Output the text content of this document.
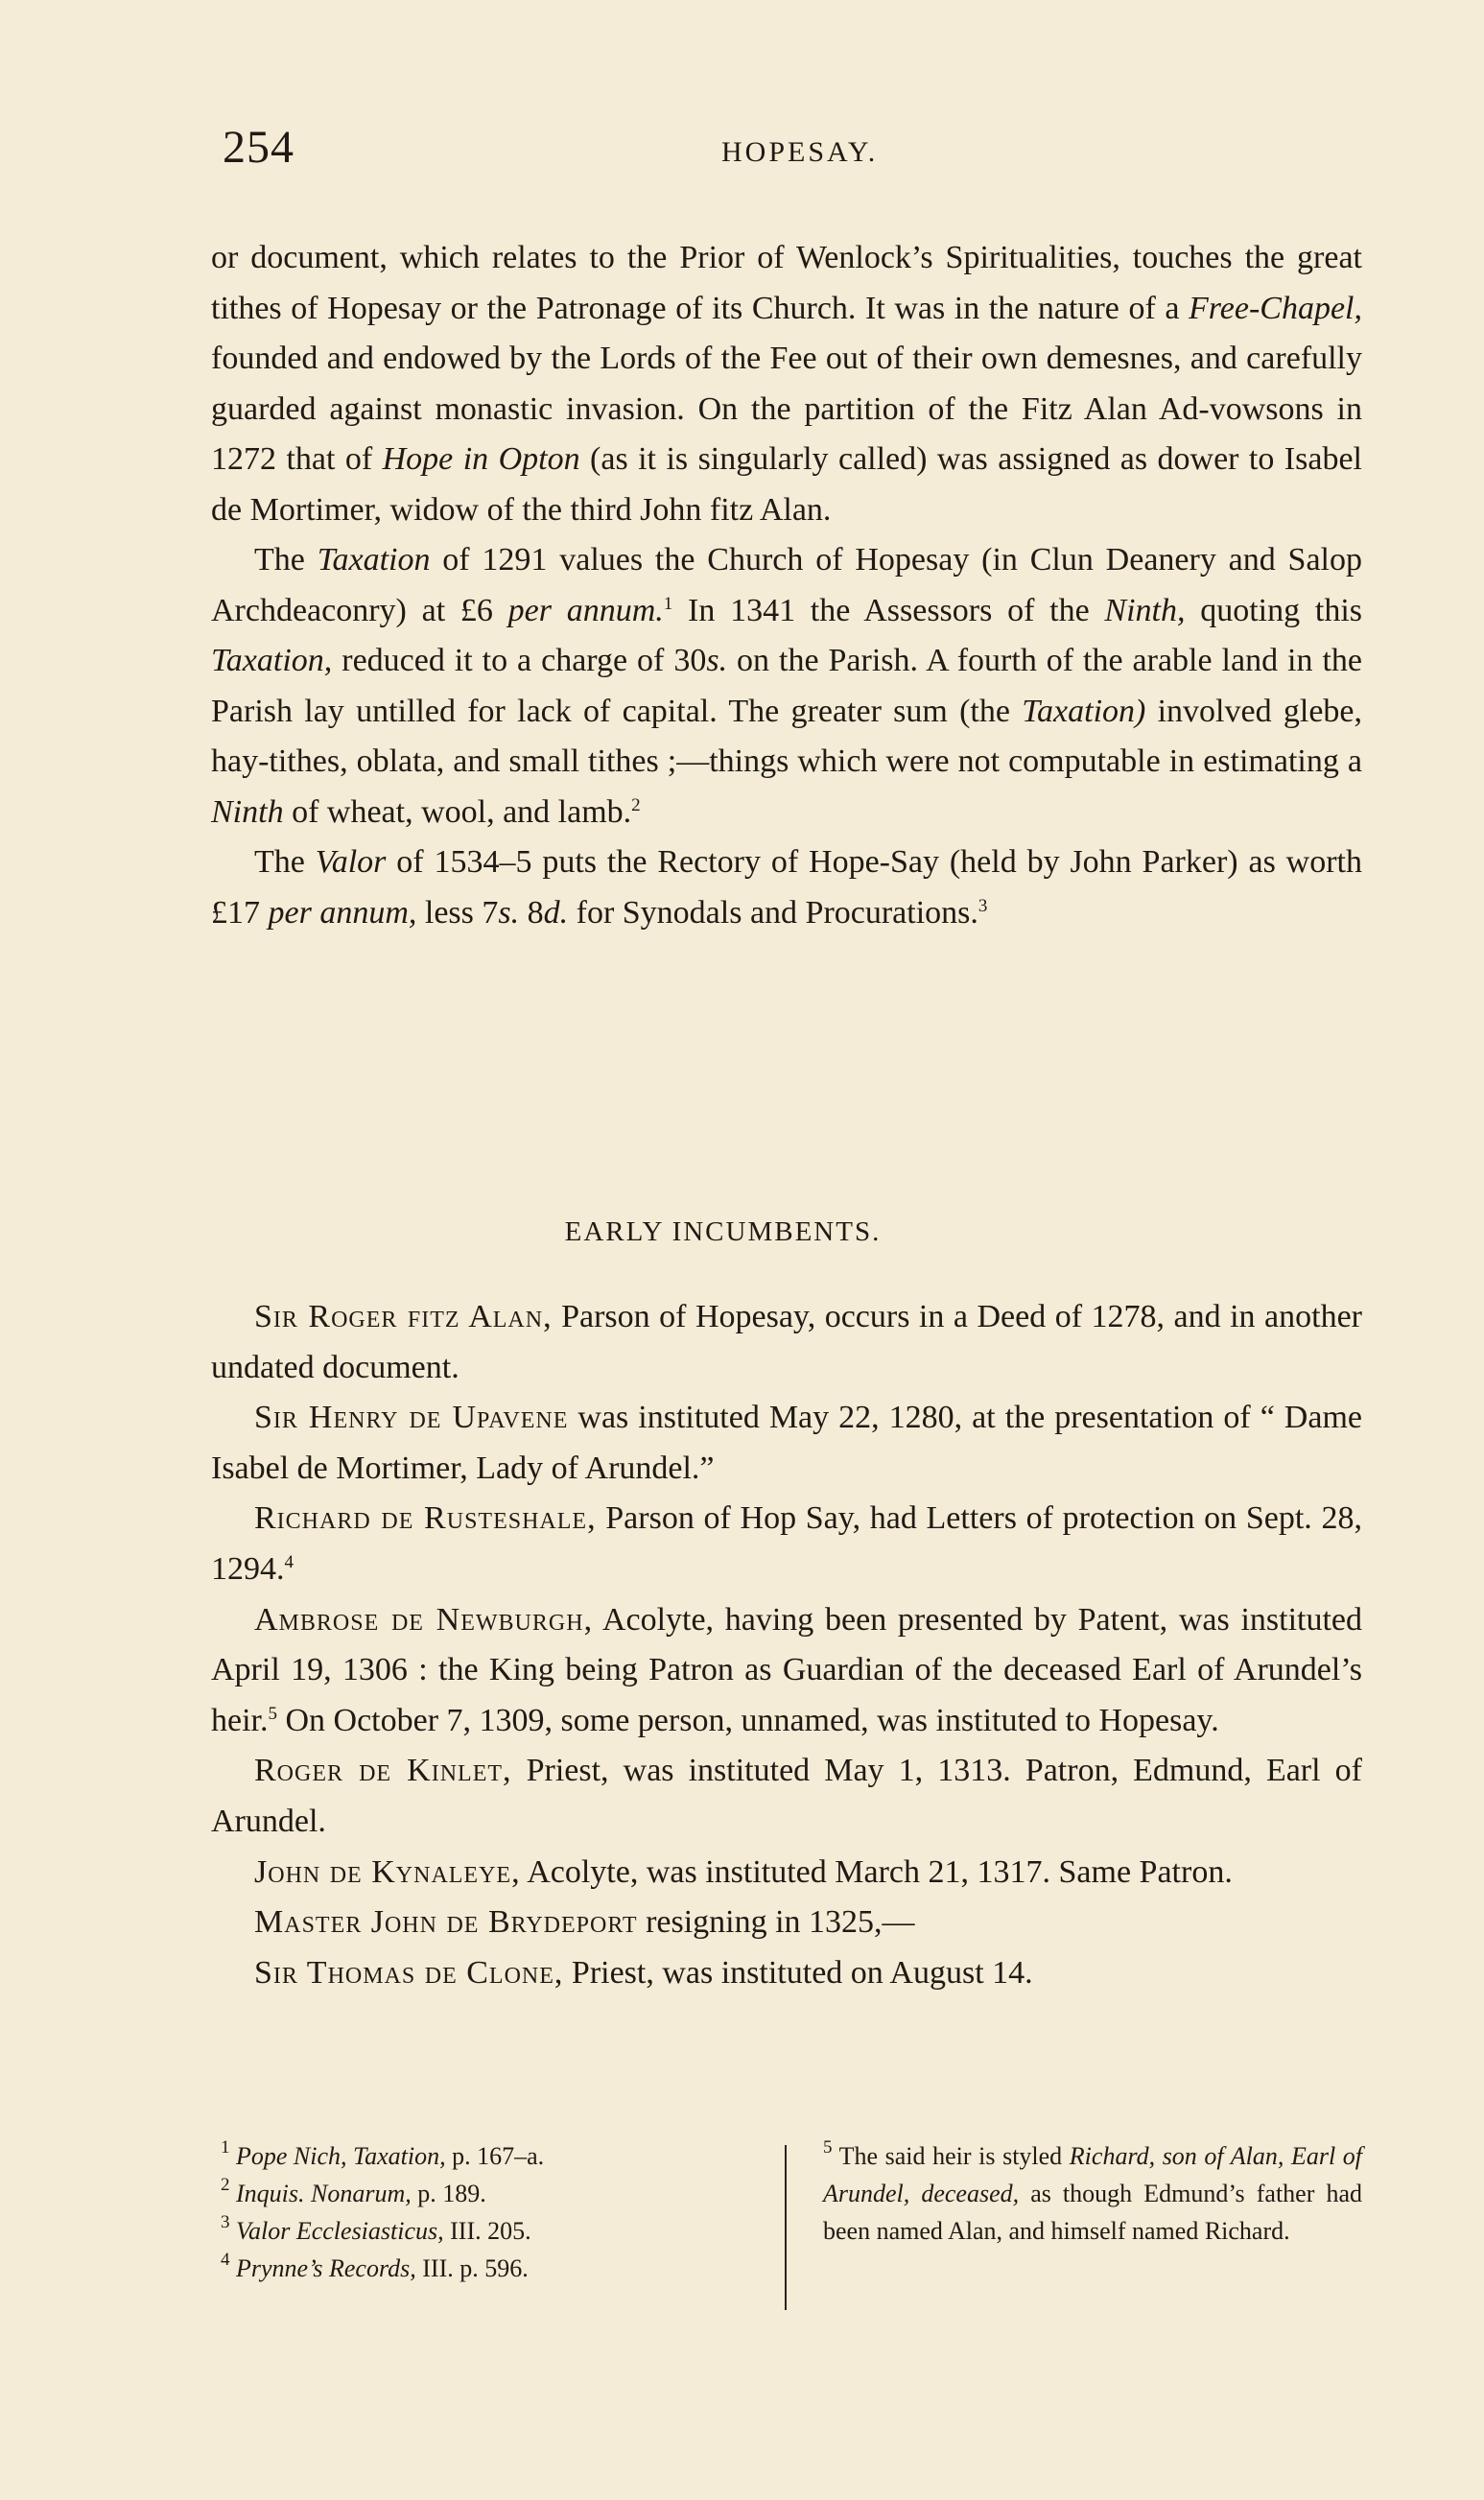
254	HOPESAY.

or document, which relates to the Prior of Wenlock’s Spiritualities, touches the great tithes of Hopesay or the Patronage of its Church. It was in the nature of a Free-Chapel, founded and endowed by the Lords of the Fee out of their own demesnes, and carefully guarded against monastic invasion. On the partition of the Fitz Alan Ad-vowsons in 1272 that of Hope in Opton (as it is singularly called) was assigned as dower to Isabel de Mortimer, widow of the third John fitz Alan.

The Taxation of 1291 values the Church of Hopesay (in Clun Deanery and Salop Archdeaconry) at £6 per annum.$^1$ In 1341 the Assessors of the Ninth, quoting this Taxation, reduced it to a charge of 30s. on the Parish. A fourth of the arable land in the Parish lay untilled for lack of capital. The greater sum (the Taxation) involved glebe, hay-tithes, oblata, and small tithes ;—things which were not computable in estimating a Ninth of wheat, wool, and lamb.$^2$

The Valor of 1534–5 puts the Rectory of Hope-Say (held by John Parker) as worth £17 per annum, less 7s. 8d. for Synodals and Procurations.$^3$

EARLY INCUMBENTS.

Sir Roger fitz Alan, Parson of Hopesay, occurs in a Deed of 1278, and in another undated document.

Sir Henry de Upavene was instituted May 22, 1280, at the presentation of “ Dame Isabel de Mortimer, Lady of Arundel.”

Richard de Rusteshale, Parson of Hop Say, had Letters of protection on Sept. 28, 1294.$^4$

Ambrose de Newburgh, Acolyte, having been presented by Patent, was instituted April 19, 1306 : the King being Patron as Guardian of the deceased Earl of Arundel’s heir.$^5$ On October 7, 1309, some person, unnamed, was instituted to Hopesay.

Roger de Kinlet, Priest, was instituted May 1, 1313. Patron, Edmund, Earl of Arundel.

John de Kynaleye, Acolyte, was instituted March 21, 1317. Same Patron.

Master John de Brydeport resigning in 1325,—

Sir Thomas de Clone, Priest, was instituted on August 14.

$^1$ Pope Nich, Taxation, p. 167–a.

$^2$ Inquis. Nonarum, p. 189.

$^3$ Valor Ecclesiasticus, III. 205.

$^4$ Prynne’s Records, III. p. 596.

$^5$ The said heir is styled Richard, son of Alan, Earl of Arundel, deceased, as though Edmund’s father had been named Alan, and himself named Richard.
